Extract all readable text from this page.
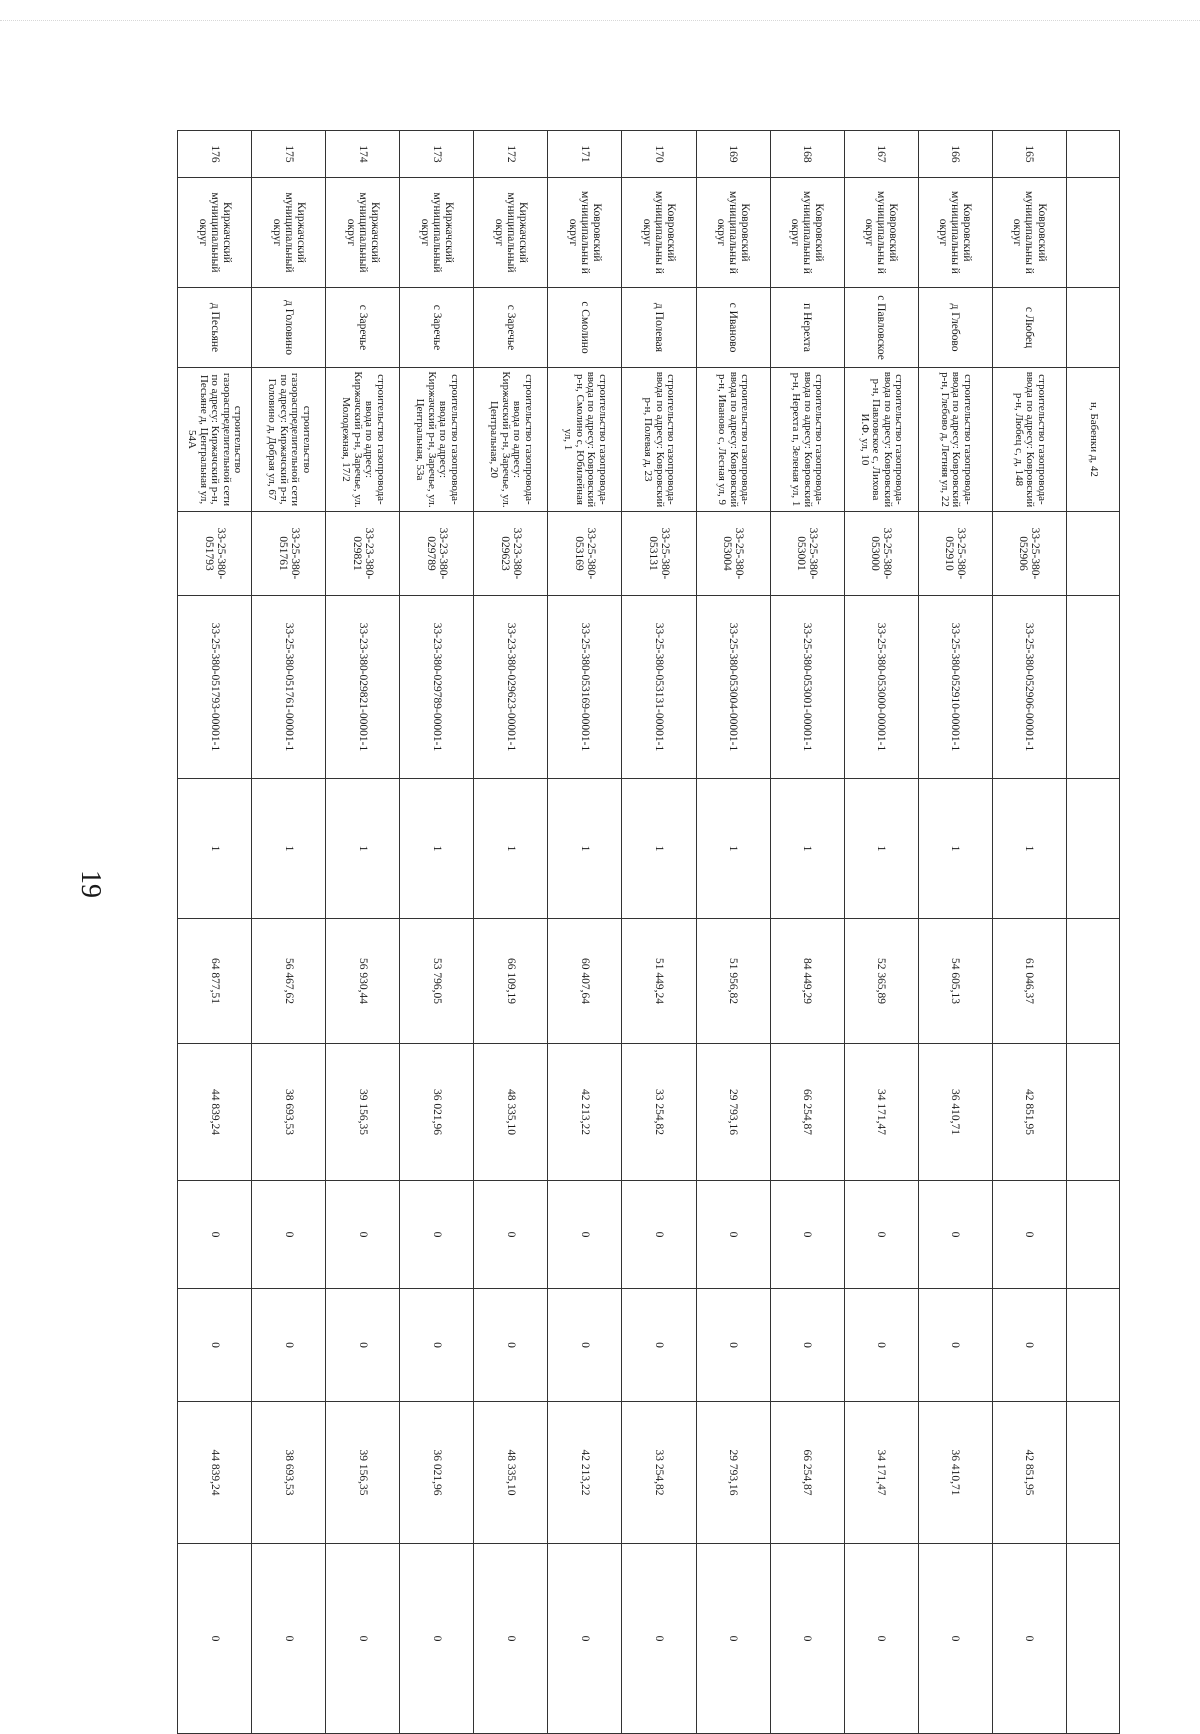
19
			н, Бабенки д, 42									
165	Ковровский муниципальны й округ	с Любец	строительство газопровода-ввода по адресу: Ковровский р-н, Любец с, д, 148	33-25-380-052906	33-25-380-052906-00001-1	1	61 046,37	42 851,95	0	0	42 851,95	0
166	Ковровский муниципальны й округ	д Глебово	строительство газопровода-ввода по адресу: Ковровский р-н, Глебово д, Летняя ул, 22	33-25-380-052910	33-25-380-052910-00001-1	1	54 605,13	36 410,71	0	0	36 410,71	0
167	Ковровский муниципальны й округ	с Павловское	строительство газопровода-ввода по адресу: Ковровский р-н, Павловское с, Лихова И.Ф. ул, 10	33-25-380-053000	33-25-380-053000-00001-1	1	52 365,89	34 171,47	0	0	34 171,47	0
168	Ковровский муниципальны й округ	п Нерехта	строительство газопровода-ввода по адресу: Ковровский р-н, Нерехта п, Зеленая ул, 1	33-25-380-053001	33-25-380-053001-00001-1	1	84 449,29	66 254,87	0	0	66 254,87	0
169	Ковровский муниципальны й округ	с Иваново	строительство газопровода-ввода по адресу: Ковровский р-н, Иваново с, Лесная ул, 9	33-25-380-053004	33-25-380-053004-00001-1	1	51 956,82	29 793,16	0	0	29 793,16	0
170	Ковровский муниципальны й округ	д Полевая	строительство газопровода-ввода по адресу: Ковровский р-н, Полевая д, 23	33-25-380-053131	33-25-380-053131-00001-1	1	51 449,24	33 254,82	0	0	33 254,82	0
171	Ковровский муниципальны й округ	с Смолино	строительство газопровода-ввода по адресу: Ковровский р-н, Смолино с, Юбилейная ул, 1	33-25-380-053169	33-25-380-053169-00001-1	1	60 407,64	42 213,22	0	0	42 213,22	0
172	Киржачский муниципальный округ	с Заречье	строительство газопровода-ввода по адресу: Киржачский р-н, Заречье, ул. Центральная, 20	33-23-380-029623	33-23-380-029623-00001-1	1	66 109,19	48 335,10	0	0	48 335,10	0
173	Киржачский муниципальный округ	с Заречье	строительство газопровода-ввода по адресу: Киржачский р-н, Заречье, ул. Центральная, 53а	33-23-380-029789	33-23-380-029789-00001-1	1	53 796,05	36 021,96	0	0	36 021,96	0
174	Киржачский муниципальный округ	с Заречье	строительство газопровода-ввода по адресу: Киржачский р-н, Заречье, ул. Молодежная, 17/2	33-23-380-029821	33-23-380-029821-00001-1	1	56 930,44	39 156,35	0	0	39 156,35	0
175	Киржачский муниципальный округ	д Головино	строительство газораспределительной сети по адресу: Киржачский р-н, Головино д, Добрая ул, 67	33-25-380-051761	33-25-380-051761-00001-1	1	56 467,62	38 693,53	0	0	38 693,53	0
176	Киржачский муниципальный округ	д Песьяне	строительство газораспределительной сети по адресу: Киржачский р-н, Песьяне д, Центральная ул, 54А	33-25-380-051793	33-25-380-051793-00001-1	1	64 877,51	44 839,24	0	0	44 839,24	0
